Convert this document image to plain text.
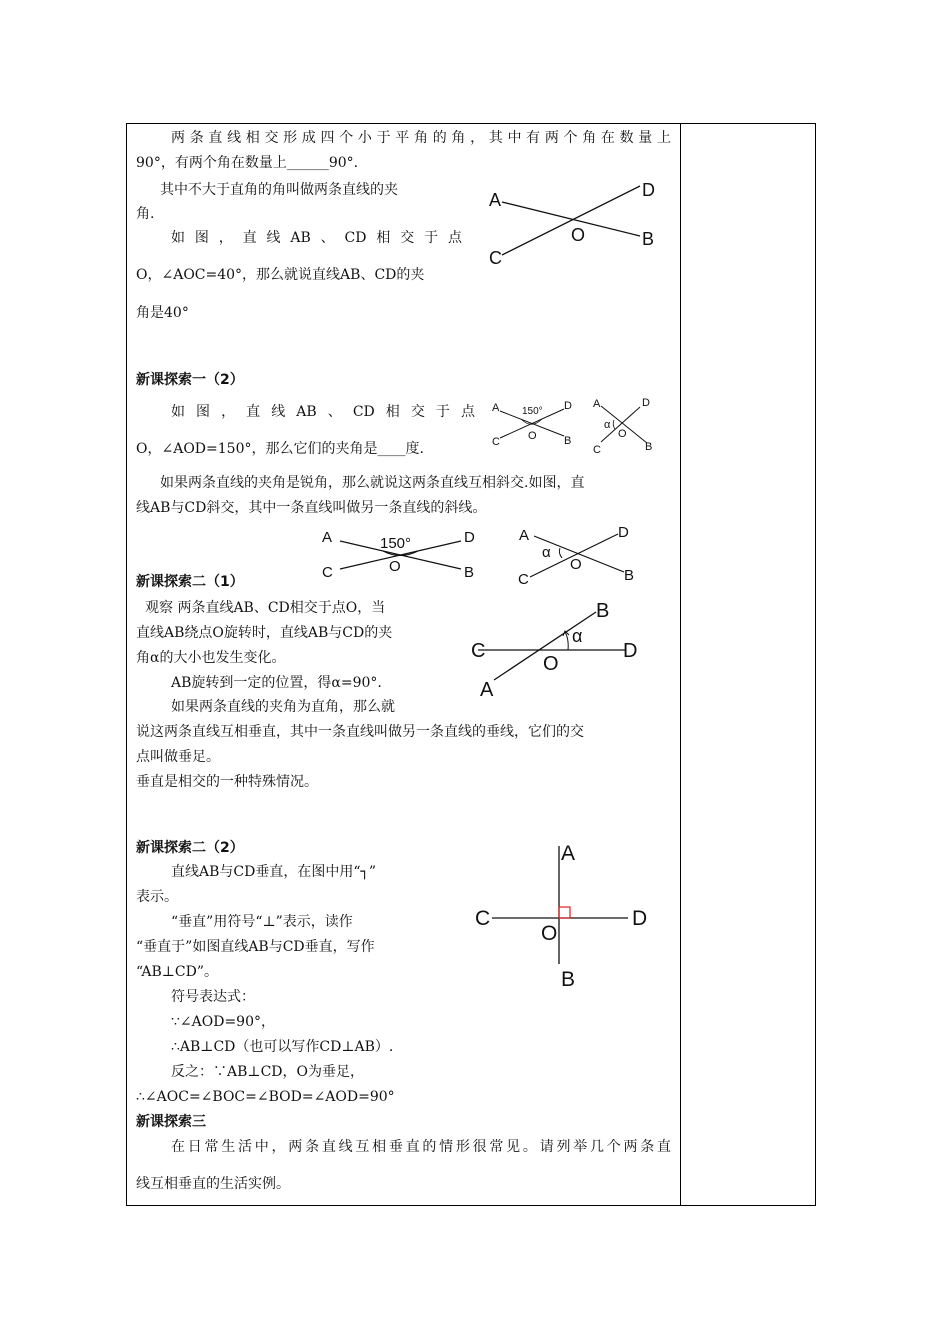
两条直线相交形成四个小于平角的角，其中有两个角在数量上
90°，有两个角在数量上______90°.
其中不大于直角的角叫做两条直线的夹
角.
如图，直线AB、CD相交于点
O，∠AOC=40°，那么就说直线AB、CD的夹
角是40°
A	D
O	B
C
新课探索一（2）
如图，直线AB、CD相交于点
O，∠AOD=150°，那么它们的夹角是____度.
A 150° D
O B
C
A	D
α
O
C	B
如果两条直线的夹角是锐角，那么就说这两条直线互相斜交.如图，直
线AB与CD斜交，其中一条直线叫做另一条直线的斜线。
A	150°	D
O	B
C
A	D
α
O
C	B
新课探索二（1）
观察 两条直线AB、CD相交于点O，当
直线AB绕点O旋转时，直线AB与CD的夹
角α的大小也发生变化。
AB旋转到一定的位置，得α=90°.
如果两条直线的夹角为直角，那么就
说这两条直线互相垂直，其中一条直线叫做另一条直线的垂线，它们的交
点叫做垂足。
垂直是相交的一种特殊情况。
C	D
B
A
O
α
新课探索二（2）
直线AB与CD垂直，在图中用“┐”
表示。
“垂直”用符号“⊥”表示，读作
“垂直于”如图直线AB与CD垂直，写作
“AB⊥CD”。
符号表达式：
∵∠AOD=90°，
∴AB⊥CD（也可以写作CD⊥AB）.
反之：∵AB⊥CD，O为垂足，
∴∠AOC=∠BOC=∠BOD=∠AOD=90°
A
C	D
O
B
新课探索三
在日常生活中，两条直线互相垂直的情形很常见。请列举几个两条直
线互相垂直的生活实例。
